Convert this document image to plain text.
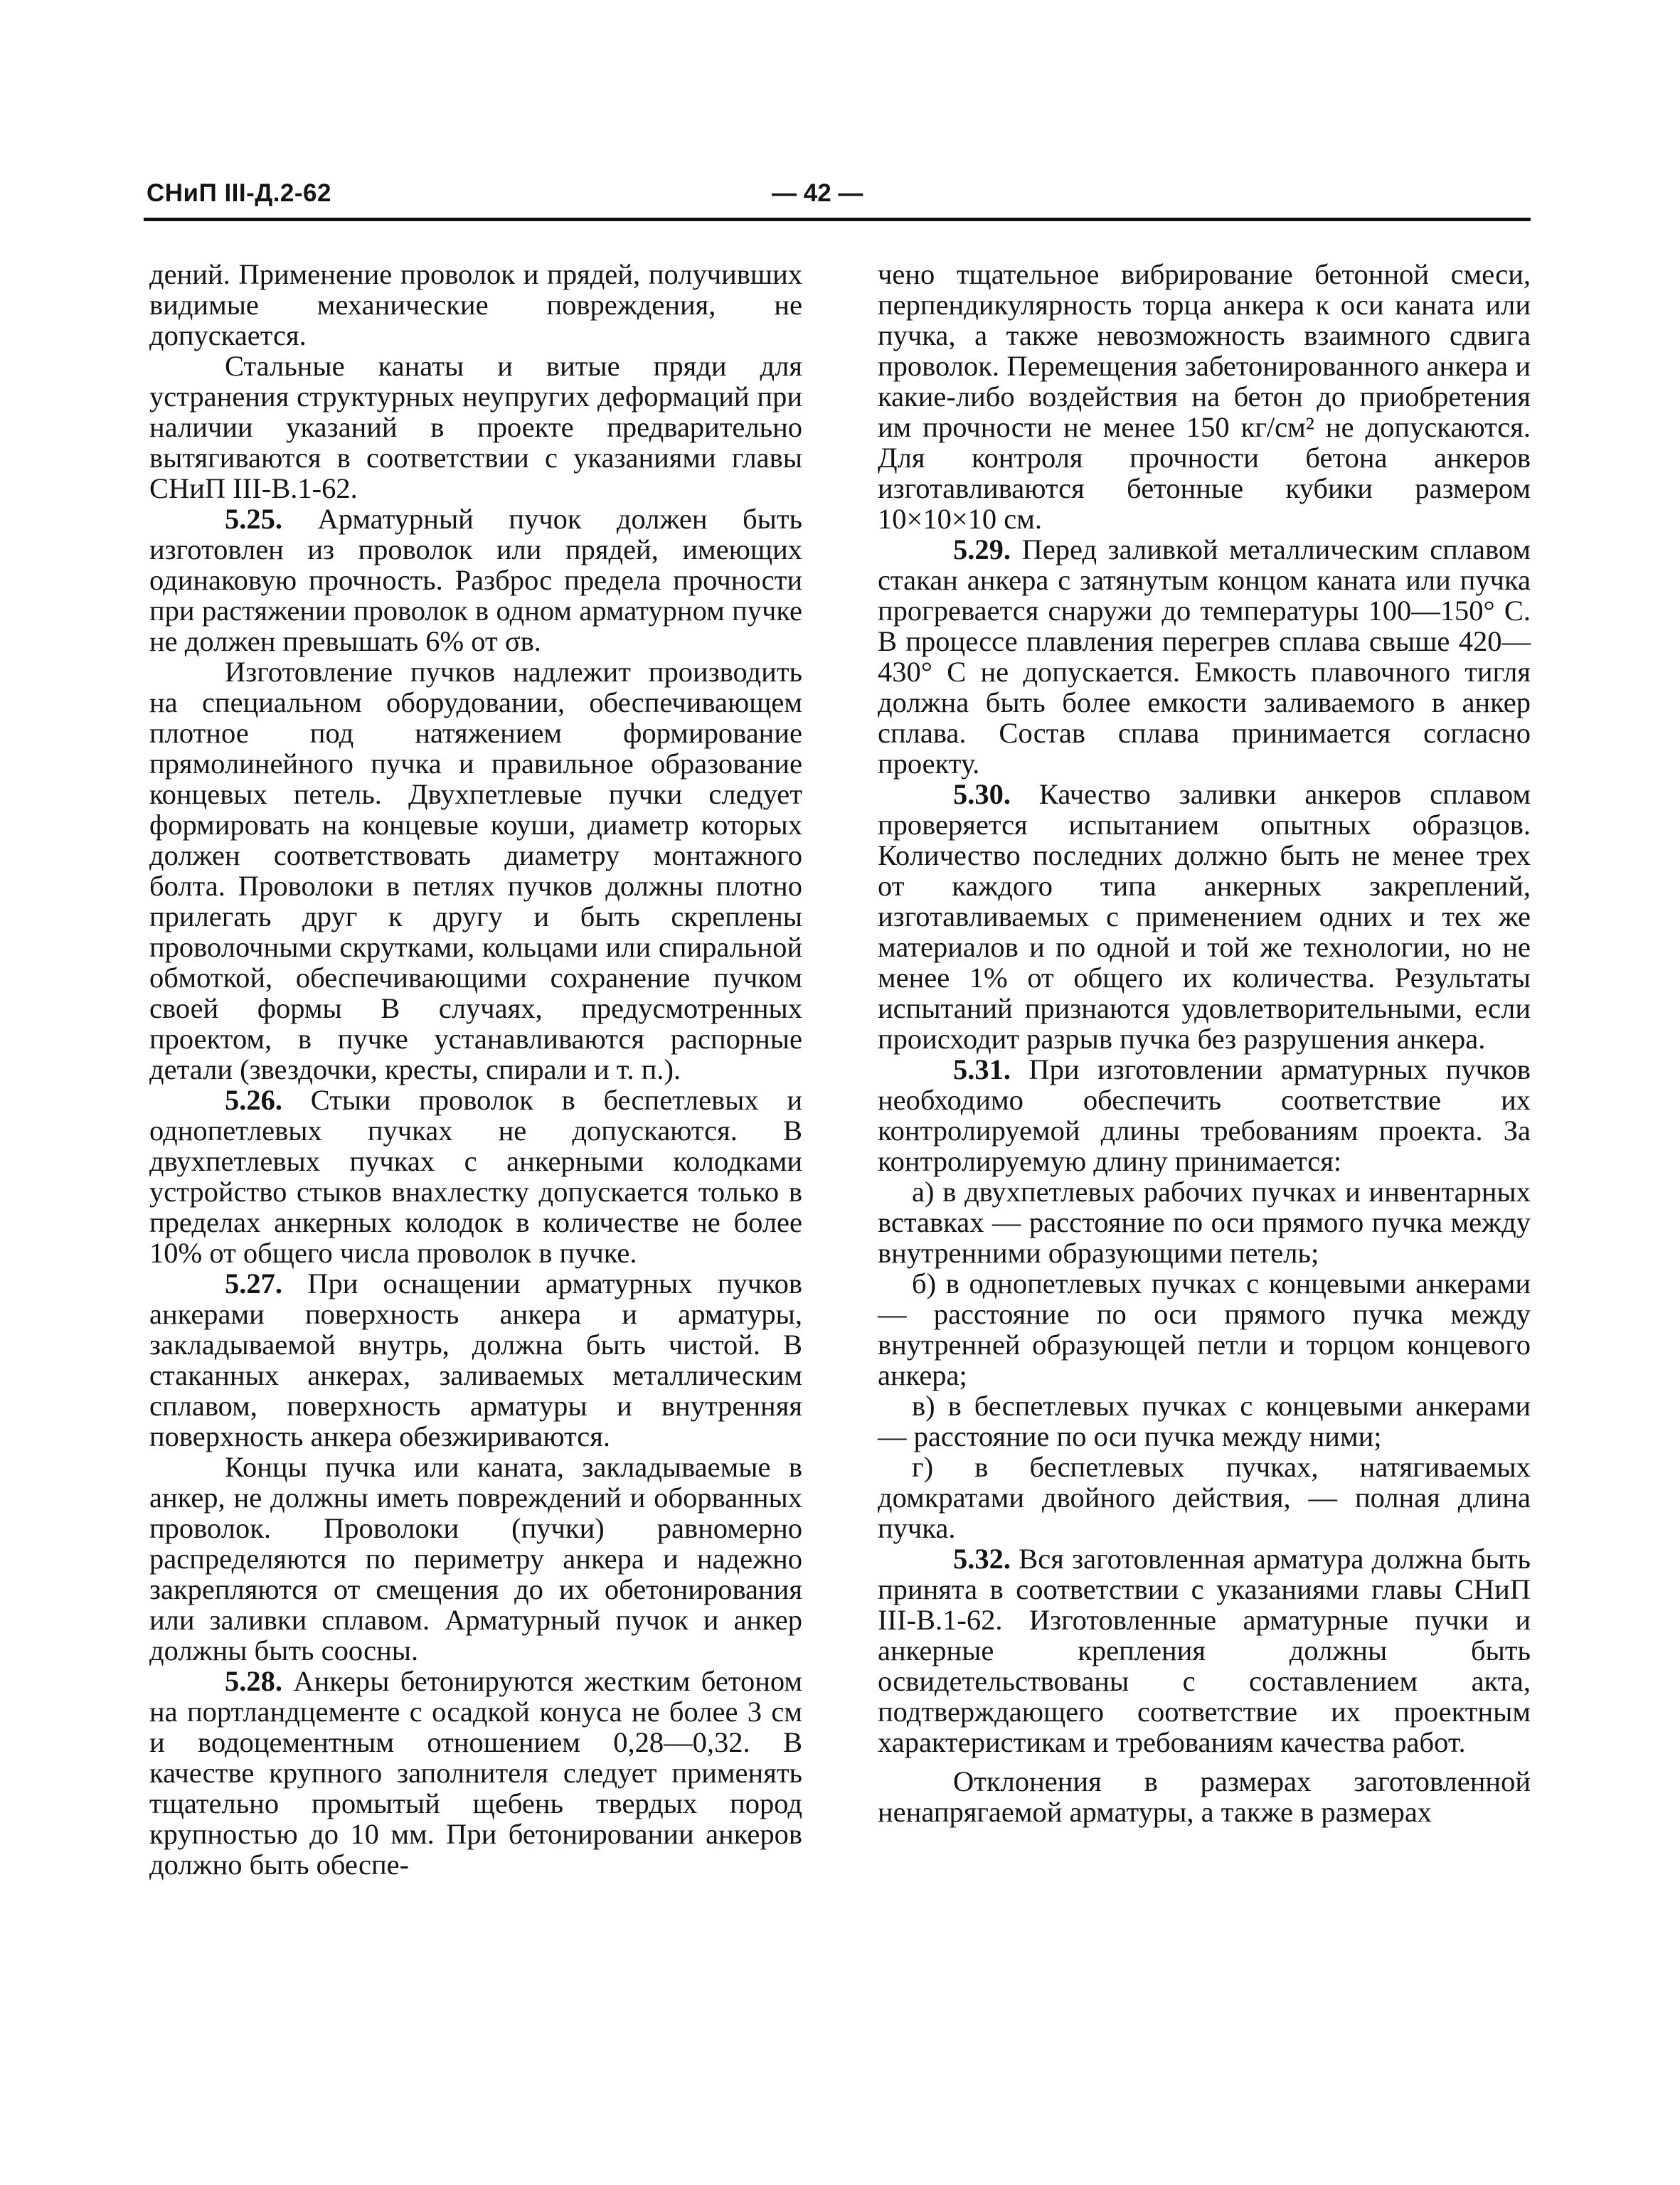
СНиП III-Д.2-62	— 42 —

дений. Применение проволок и прядей, получивших видимые механические повреждения, не допускается.

Стальные канаты и витые пряди для устранения структурных неупругих деформаций при наличии указаний в проекте предварительно вытягиваются в соответствии с указаниями главы СНиП III-В.1-62.

5.25. Арматурный пучок должен быть изготовлен из проволок или прядей, имеющих одинаковую прочность. Разброс предела прочности при растяжении проволок в одном арматурном пучке не должен превышать 6% от σв.

Изготовление пучков надлежит производить на специальном оборудовании, обеспечивающем плотное под натяжением формирование прямолинейного пучка и правильное образование концевых петель. Двухпетлевые пучки следует формировать на концевые коуши, диаметр которых должен соответствовать диаметру монтажного болта. Проволоки в петлях пучков должны плотно прилегать друг к другу и быть скреплены проволочными скрутками, кольцами или спиральной обмоткой, обеспечивающими сохранение пучком своей формы В случаях, предусмотренных проектом, в пучке устанавливаются распорные детали (звездочки, кресты, спирали и т. п.).

5.26. Стыки проволок в беспетлевых и однопетлевых пучках не допускаются. В двухпетлевых пучках с анкерными колодками устройство стыков внахлестку допускается только в пределах анкерных колодок в количестве не более 10% от общего числа проволок в пучке.

5.27. При оснащении арматурных пучков анкерами поверхность анкера и арматуры, закладываемой внутрь, должна быть чистой. В стаканных анкерах, заливаемых металлическим сплавом, поверхность арматуры и внутренняя поверхность анкера обезжириваются.

Концы пучка или каната, закладываемые в анкер, не должны иметь повреждений и оборванных проволок. Проволоки (пучки) равномерно распределяются по периметру анкера и надежно закрепляются от смещения до их обетонирования или заливки сплавом. Арматурный пучок и анкер должны быть соосны.

5.28. Анкеры бетонируются жестким бетоном на портландцементе с осадкой конуса не более 3 см и водоцементным отношением 0,28—0,32. В качестве крупного заполнителя следует применять тщательно промытый щебень твердых пород крупностью до 10 мм. При бетонировании анкеров должно быть обеспе-

чено тщательное вибрирование бетонной смеси, перпендикулярность торца анкера к оси каната или пучка, а также невозможность взаимного сдвига проволок. Перемещения забетонированного анкера и какие-либо воздействия на бетон до приобретения им прочности не менее 150 кг/см² не допускаются. Для контроля прочности бетона анкеров изготавливаются бетонные кубики размером 10×10×10 см.

5.29. Перед заливкой металлическим сплавом стакан анкера с затянутым концом каната или пучка прогревается снаружи до температуры 100—150° С. В процессе плавления перегрев сплава свыше 420—430° С не допускается. Емкость плавочного тигля должна быть более емкости заливаемого в анкер сплава. Состав сплава принимается согласно проекту.

5.30. Качество заливки анкеров сплавом проверяется испытанием опытных образцов. Количество последних должно быть не менее трех от каждого типа анкерных закреплений, изготавливаемых с применением одних и тех же материалов и по одной и той же технологии, но не менее 1% от общего их количества. Результаты испытаний признаются удовлетворительными, если происходит разрыв пучка без разрушения анкера.

5.31. При изготовлении арматурных пучков необходимо обеспечить соответствие их контролируемой длины требованиям проекта. За контролируемую длину принимается:

а) в двухпетлевых рабочих пучках и инвентарных вставках — расстояние по оси прямого пучка между внутренними образующими петель;

б) в однопетлевых пучках с концевыми анкерами — расстояние по оси прямого пучка между внутренней образующей петли и торцом концевого анкера;

в) в беспетлевых пучках с концевыми анкерами — расстояние по оси пучка между ними;

г) в беспетлевых пучках, натягиваемых домкратами двойного действия, — полная длина пучка.

5.32. Вся заготовленная арматура должна быть принята в соответствии с указаниями главы СНиП III-В.1-62. Изготовленные арматурные пучки и анкерные крепления должны быть освидетельствованы с составлением акта, подтверждающего соответствие их проектным характеристикам и требованиям качества работ.

Отклонения в размерах заготовленной ненапрягаемой арматуры, а также в размерах
